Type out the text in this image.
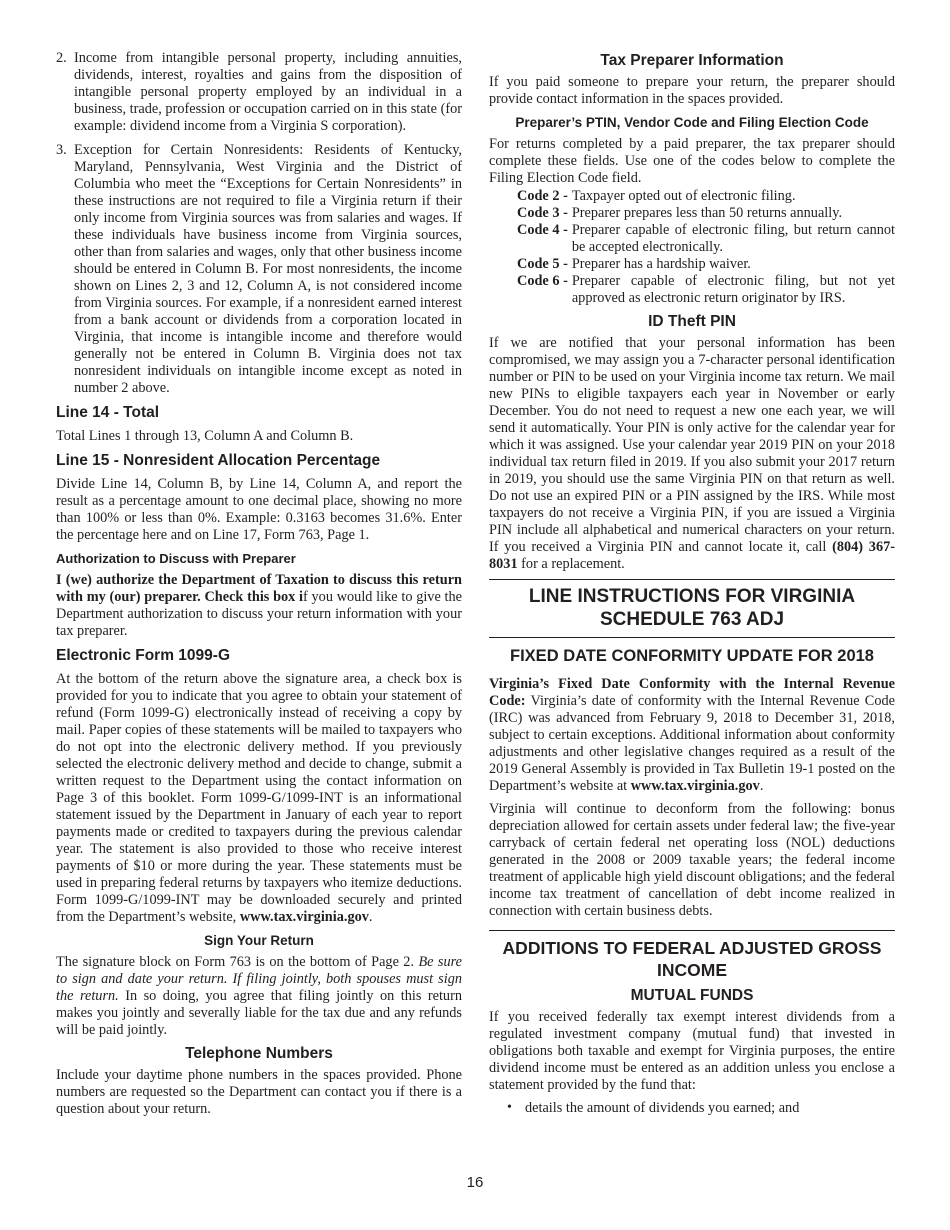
2. Income from intangible personal property, including annuities, dividends, interest, royalties and gains from the disposition of intangible personal property employed by an individual in a business, trade, profession or occupation carried on in this state (for example: dividend income from a Virginia S corporation).
3. Exception for Certain Nonresidents: Residents of Kentucky, Maryland, Pennsylvania, West Virginia and the District of Columbia who meet the “Exceptions for Certain Nonresidents” in these instructions are not required to file a Virginia return if their only income from Virginia sources was from salaries and wages. If these individuals have business income from Virginia sources, other than from salaries and wages, only that other business income should be entered in Column B. For most nonresidents, the income shown on Lines 2, 3 and 12, Column A, is not considered income from Virginia sources. For example, if a nonresident earned interest from a bank account or dividends from a corporation located in Virginia, that income is intangible income and therefore would generally not be entered in Column B. Virginia does not tax nonresident individuals on intangible income except as noted in number 2 above.
Line 14 - Total

Total Lines 1 through 13, Column A and Column B.

Line 15 - Nonresident Allocation Percentage

Divide Line 14, Column B, by Line 14, Column A, and report the result as a percentage amount to one decimal place, showing no more than 100% or less than 0%. Example: 0.3163 becomes 31.6%. Enter the percentage here and on Line 17, Form 763, Page 1.

Authorization to Discuss with Preparer

I (we) authorize the Department of Taxation to discuss this return with my (our) preparer. Check this box if you would like to give the Department authorization to discuss your return information with your tax preparer.

Electronic Form 1099-G

At the bottom of the return above the signature area, a check box is provided for you to indicate that you agree to obtain your statement of refund (Form 1099-G) electronically instead of receiving a copy by mail. Paper copies of these statements will be mailed to taxpayers who do not opt into the electronic delivery method. If you previously selected the electronic delivery method and decide to change, submit a written request to the Department using the contact information on Page 3 of this booklet. Form 1099-G/1099-INT is an informational statement issued by the Department in January of each year to report payments made or credited to taxpayers during the previous calendar year. The statement is also provided to those who receive interest payments of $10 or more during the year. These statements must be used in preparing federal returns by taxpayers who itemize deductions. Form 1099-G/1099-INT may be downloaded securely and printed from the Department’s website, www.tax.virginia.gov.

Sign Your Return

The signature block on Form 763 is on the bottom of Page 2. Be sure to sign and date your return. If filing jointly, both spouses must sign the return. In so doing, you agree that filing jointly on this return makes you jointly and severally liable for the tax due and any refunds will be paid jointly.

Telephone Numbers

Include your daytime phone numbers in the spaces provided. Phone numbers are requested so the Department can contact you if there is a question about your return.

Tax Preparer Information

If you paid someone to prepare your return, the preparer should provide contact information in the spaces provided.

Preparer’s PTIN, Vendor Code and Filing Election Code

For returns completed by a paid preparer, the tax preparer should complete these fields. Use one of the codes below to complete the Filing Election Code field.

Code 2 - Taxpayer opted out of electronic filing.
Code 3 - Preparer prepares less than 50 returns annually.
Code 4 - Preparer capable of electronic filing, but return cannot be accepted electronically.
Code 5 - Preparer has a hardship waiver.
Code 6 - Preparer capable of electronic filing, but not yet approved as electronic return originator by IRS.
ID Theft PIN

If we are notified that your personal information has been compromised, we may assign you a 7-character personal identification number or PIN to be used on your Virginia income tax return. We mail new PINs to eligible taxpayers each year in November or early December. You do not need to request a new one each year, we will send it automatically. Your PIN is only active for the calendar year for which it was assigned. Use your calendar year 2019 PIN on your 2018 individual tax return filed in 2019. If you also submit your 2017 return in 2019, you should use the same Virginia PIN on that return as well. Do not use an expired PIN or a PIN assigned by the IRS. While most taxpayers do not receive a Virginia PIN, if you are issued a Virginia PIN include all alphabetical and numerical characters on your return. If you received a Virginia PIN and cannot locate it, call (804) 367-8031 for a replacement.

LINE INSTRUCTIONS FOR VIRGINIA
SCHEDULE 763 ADJ
FIXED DATE CONFORMITY UPDATE FOR 2018

Virginia’s Fixed Date Conformity with the Internal Revenue Code: Virginia’s date of conformity with the Internal Revenue Code (IRC) was advanced from February 9, 2018 to December 31, 2018, subject to certain exceptions. Additional information about conformity adjustments and other legislative changes required as a result of the 2019 General Assembly is provided in Tax Bulletin 19-1 posted on the Department’s website at www.tax.virginia.gov.

Virginia will continue to deconform from the following: bonus depreciation allowed for certain assets under federal law; the five-year carryback of certain federal net operating loss (NOL) deductions generated in the 2008 or 2009 taxable years; the federal income treatment of applicable high yield discount obligations; and the federal income tax treatment of cancellation of debt income realized in connection with certain business debts.

ADDITIONS TO FEDERAL ADJUSTED GROSS INCOME
MUTUAL FUNDS

If you received federally tax exempt interest dividends from a regulated investment company (mutual fund) that invested in obligations both taxable and exempt for Virginia purposes, the entire dividend income must be entered as an addition unless you enclose a statement provided by the fund that:

• details the amount of dividends you earned; and
16
